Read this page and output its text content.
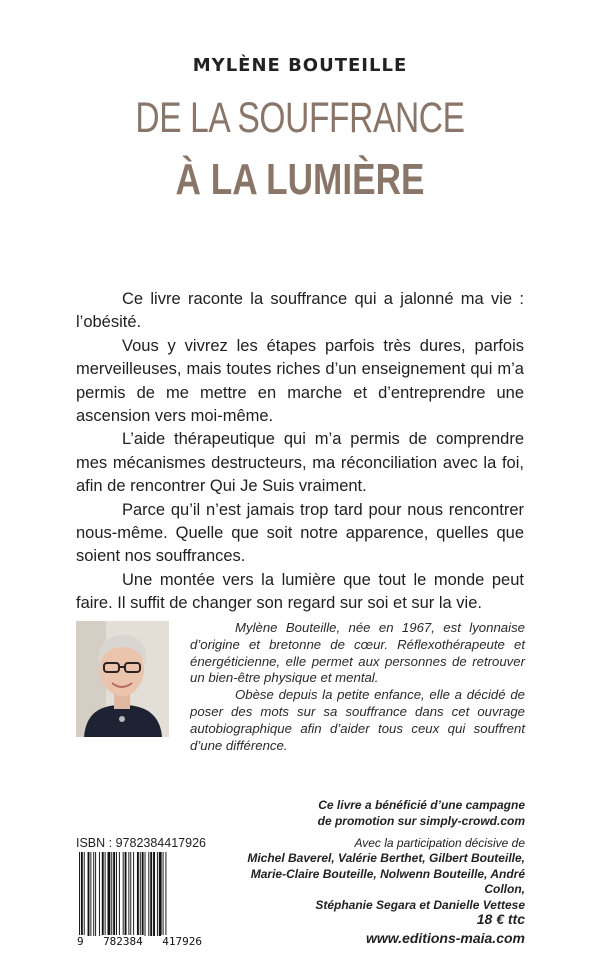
MYLÈNE BOUTEILLE
DE LA SOUFFRANCE
À LA LUMIÈRE

Ce livre raconte la souffrance qui a jalonné ma vie : l’obésité.

Vous y vivrez les étapes parfois très dures, parfois merveilleuses, mais toutes riches d’un enseignement qui m’a permis de me mettre en marche et d’entreprendre une ascension vers moi-même.

L’aide thérapeutique qui m’a permis de comprendre mes mécanismes destructeurs, ma réconciliation avec la foi, afin de rencontrer Qui Je Suis vraiment.

Parce qu’il n’est jamais trop tard pour nous rencontrer nous-même. Quelle que soit notre apparence, quelles que soient nos souffrances.

Une montée vers la lumière que tout le monde peut faire. Il suffit de changer son regard sur soi et sur la vie.

Mylène Bouteille, née en 1967, est lyonnaise d’origine et bretonne de cœur. Réflexothérapeute et énergéticienne, elle permet aux personnes de retrouver un bien-être physique et mental.

Obèse depuis la petite enfance, elle a décidé de poser des mots sur sa souffrance dans cet ouvrage autobiographique afin d’aider tous ceux qui souffrent d’une différence.

Ce livre a bénéficié d’une campagne
de promotion sur simply-crowd.com
Avec la participation décisive de
Michel Baverel, Valérie Berthet, Gilbert Bouteille,
Marie-Claire Bouteille, Nolwenn Bouteille, André Collon,
Stéphanie Segara et Danielle Vettese
18 € ttc
www.editions-maia.com
ISBN : 9782384417926
9 782384 417926
